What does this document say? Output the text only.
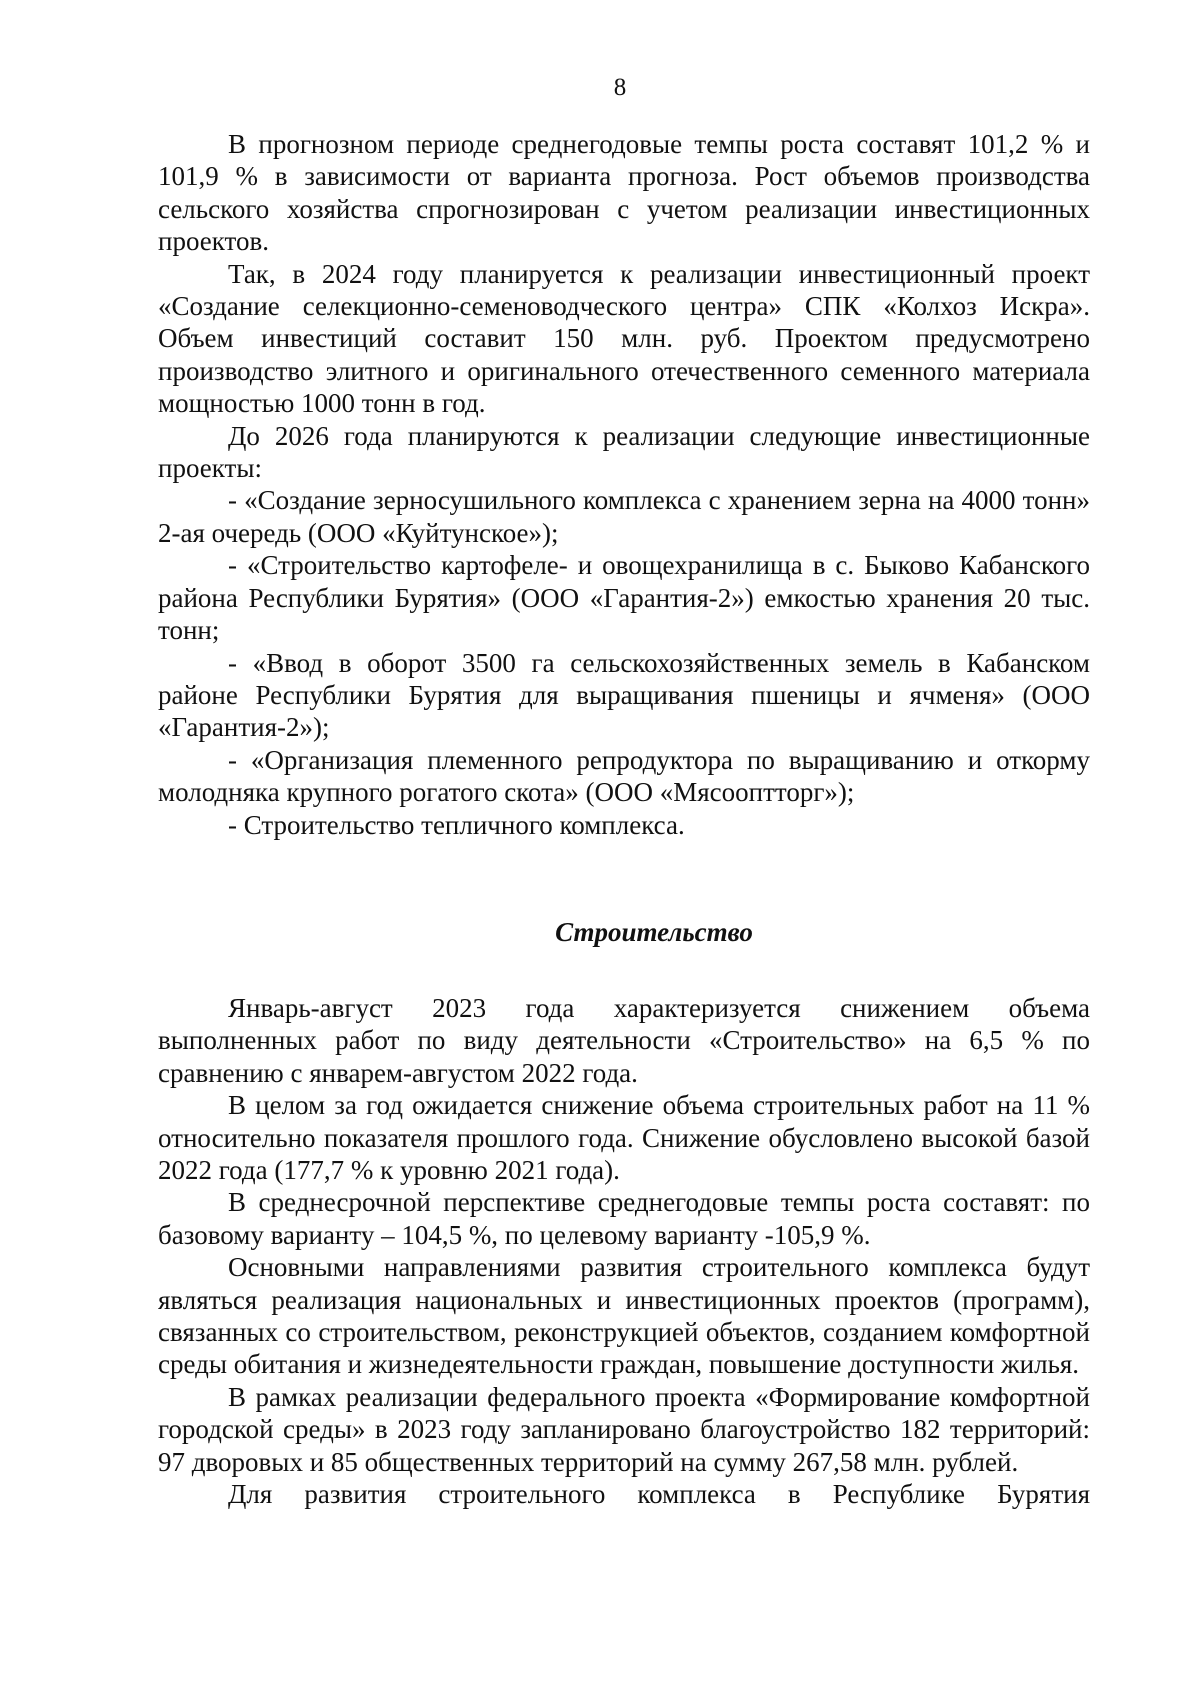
8

В прогнозном периоде среднегодовые темпы роста составят 101,2 % и 101,9 % в зависимости от варианта прогноза. Рост объемов производства сельского хозяйства спрогнозирован с учетом реализации инвестиционных проектов.

Так, в 2024 году планируется к реализации инвестиционный проект «Создание селекционно-семеноводческого центра» СПК «Колхоз Искра». Объем инвестиций составит 150 млн. руб. Проектом предусмотрено производство элитного и оригинального отечественного семенного материала мощностью 1000 тонн в год.

До 2026 года планируются к реализации следующие инвестиционные проекты:

- «Создание зерносушильного комплекса с хранением зерна на 4000 тонн» 2-ая очередь (ООО «Куйтунское»);

- «Строительство картофеле- и овощехранилища в с. Быково Кабанского района Республики Бурятия» (ООО «Гарантия-2») емкостью хранения 20 тыс. тонн;

- «Ввод в оборот 3500 га сельскохозяйственных земель в Кабанском районе Республики Бурятия для выращивания пшеницы и ячменя» (ООО «Гарантия-2»);

- «Организация племенного репродуктора по выращиванию и откорму молодняка крупного рогатого скота» (ООО «Мясооптторг»);

- Строительство тепличного комплекса.

Строительство

Январь-август 2023 года характеризуется снижением объема выполненных работ по виду деятельности «Строительство» на 6,5 % по сравнению с январем-августом 2022 года.

В целом за год ожидается снижение объема строительных работ на 11 % относительно показателя прошлого года. Снижение обусловлено высокой базой 2022 года (177,7 % к уровню 2021 года).

В среднесрочной перспективе среднегодовые темпы роста составят: по базовому варианту – 104,5 %, по целевому варианту -105,9 %.

Основными направлениями развития строительного комплекса будут являться реализация национальных и инвестиционных проектов (программ), связанных со строительством, реконструкцией объектов, созданием комфортной среды обитания и жизнедеятельности граждан, повышение доступности жилья.

В рамках реализации федерального проекта «Формирование комфортной городской среды» в 2023 году запланировано благоустройство 182 территорий: 97 дворовых и 85 общественных территорий на сумму 267,58 млн. рублей.

Для развития строительного комплекса в Республике Бурятия
